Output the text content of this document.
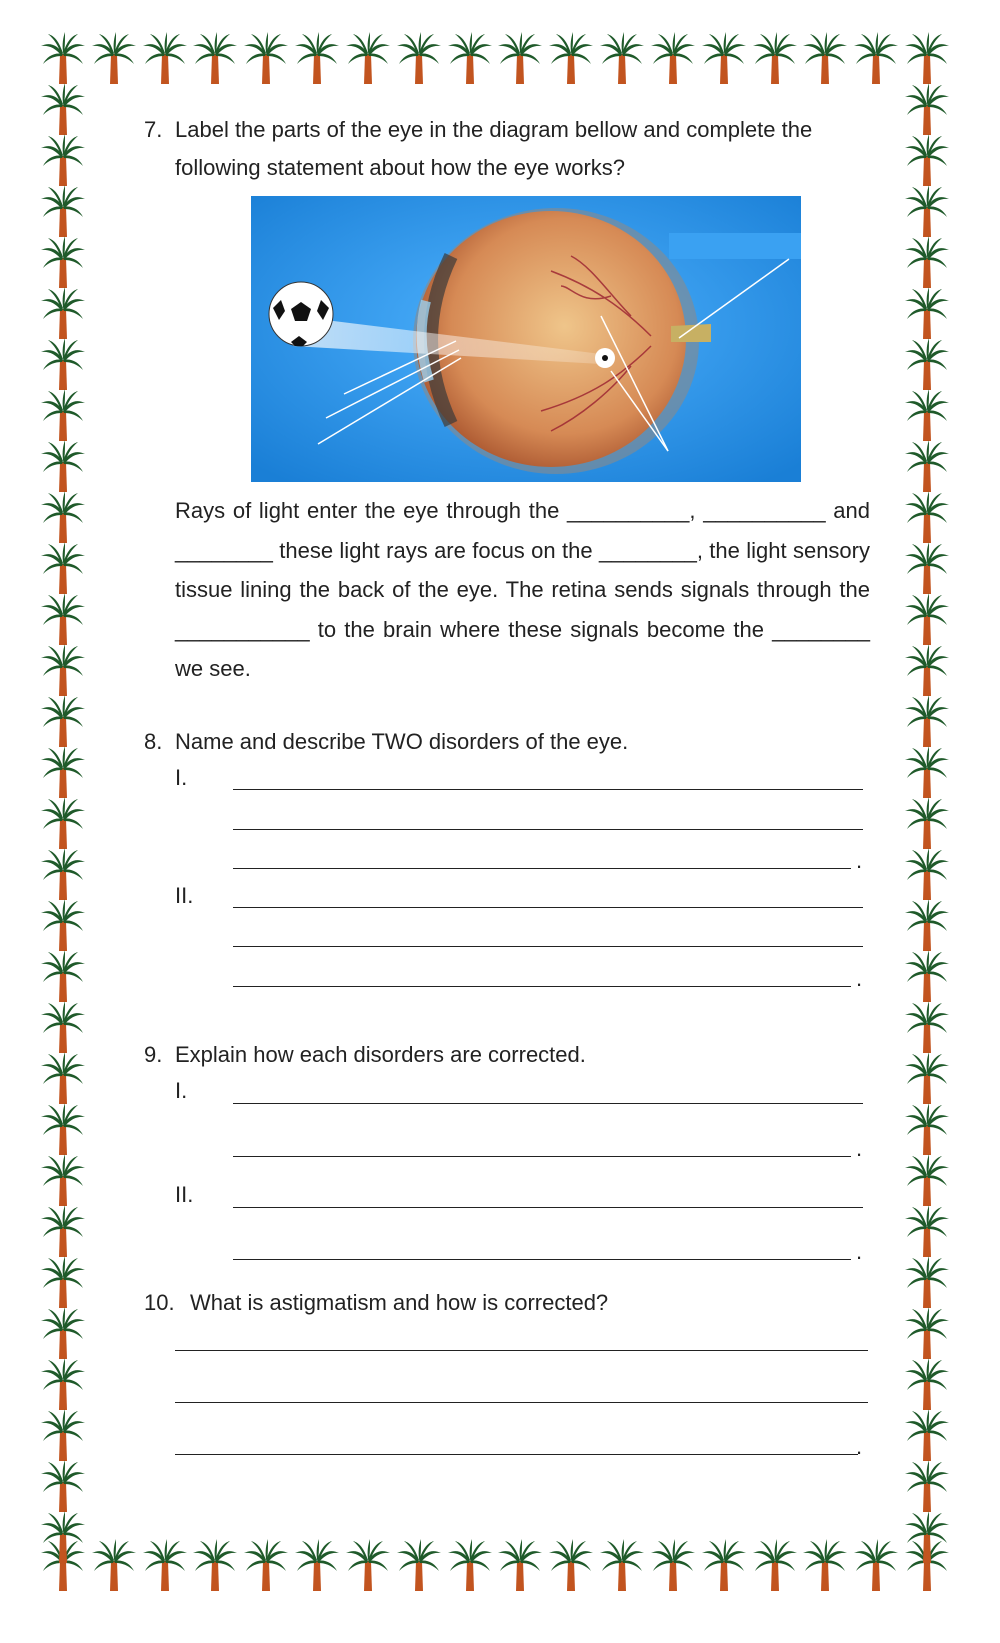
7. Label the parts of the eye in the diagram bellow and complete the
following statement about how the eye works?
Rays of light enter the eye through the __________, __________ and ________ these light rays are focus on the ________, the light sensory tissue lining the back of the eye. The retina sends signals through the ___________ to the brain where these signals become the ________ we see.
8. Name and describe TWO disorders of the eye.
I.
.
II.
.
9. Explain how each disorders are corrected.
I.
.
II.
.
10. What is astigmatism and how is corrected?
.
